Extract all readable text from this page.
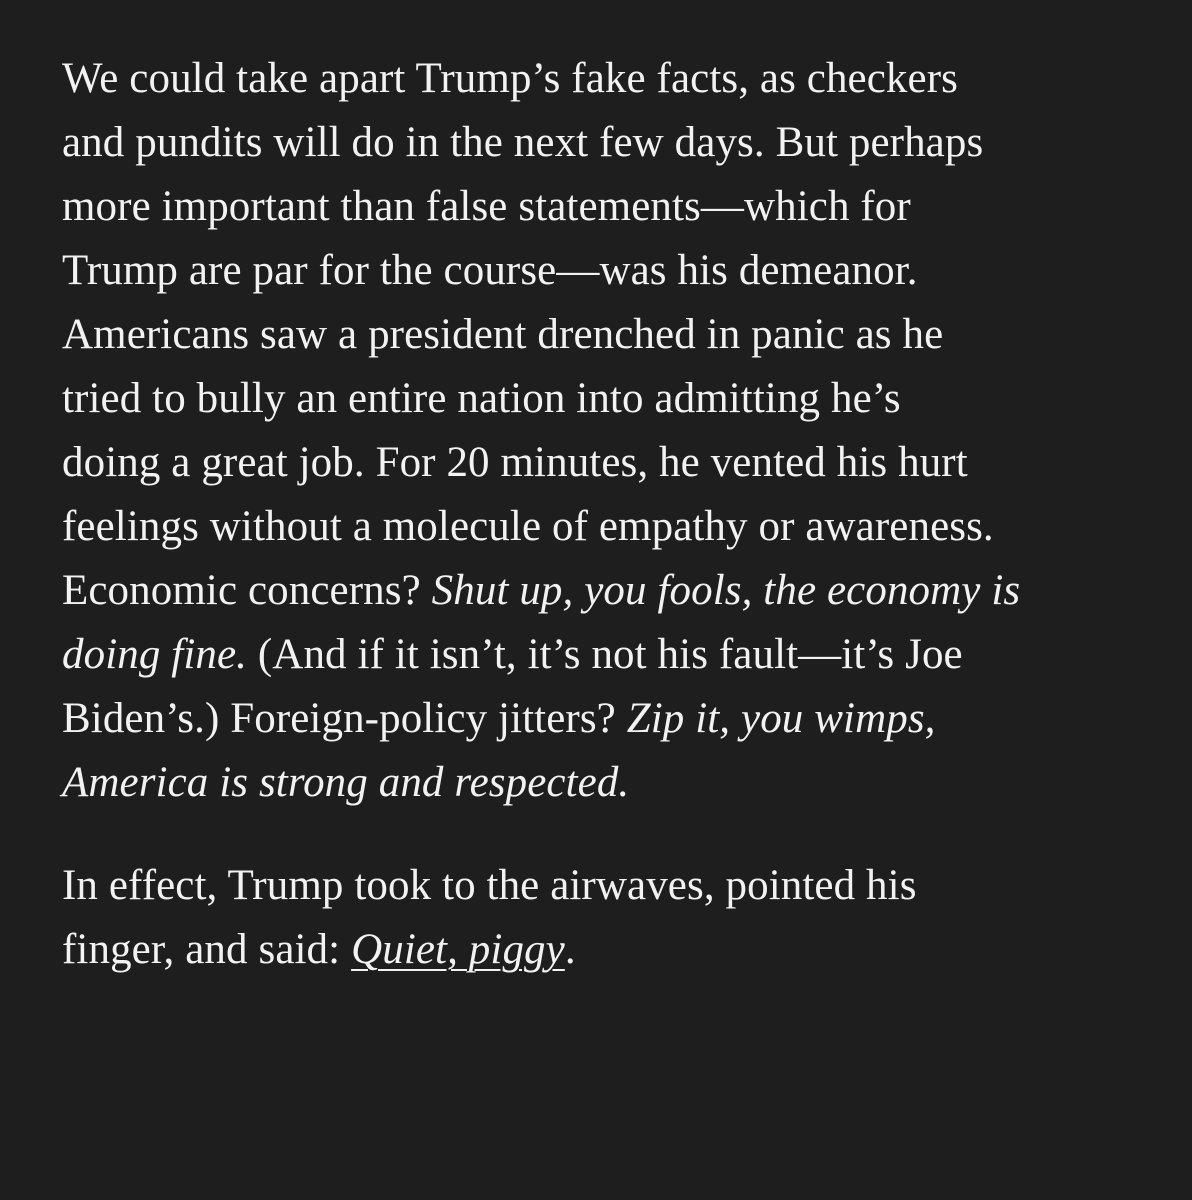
We could take apart Trump’s fake facts, as checkers
and pundits will do in the next few days. But perhaps
more important than false statements—which for
Trump are par for the course—was his demeanor.
Americans saw a president drenched in panic as he
tried to bully an entire nation into admitting he’s
doing a great job. For 20 minutes, he vented his hurt
feelings without a molecule of empathy or awareness.
Economic concerns? Shut up, you fools, the economy is
doing fine. (And if it isn’t, it’s not his fault—it’s Joe
Biden’s.) Foreign-policy jitters? Zip it, you wimps,
America is strong and respected.

In effect, Trump took to the airwaves, pointed his
finger, and said: Quiet, piggy.
